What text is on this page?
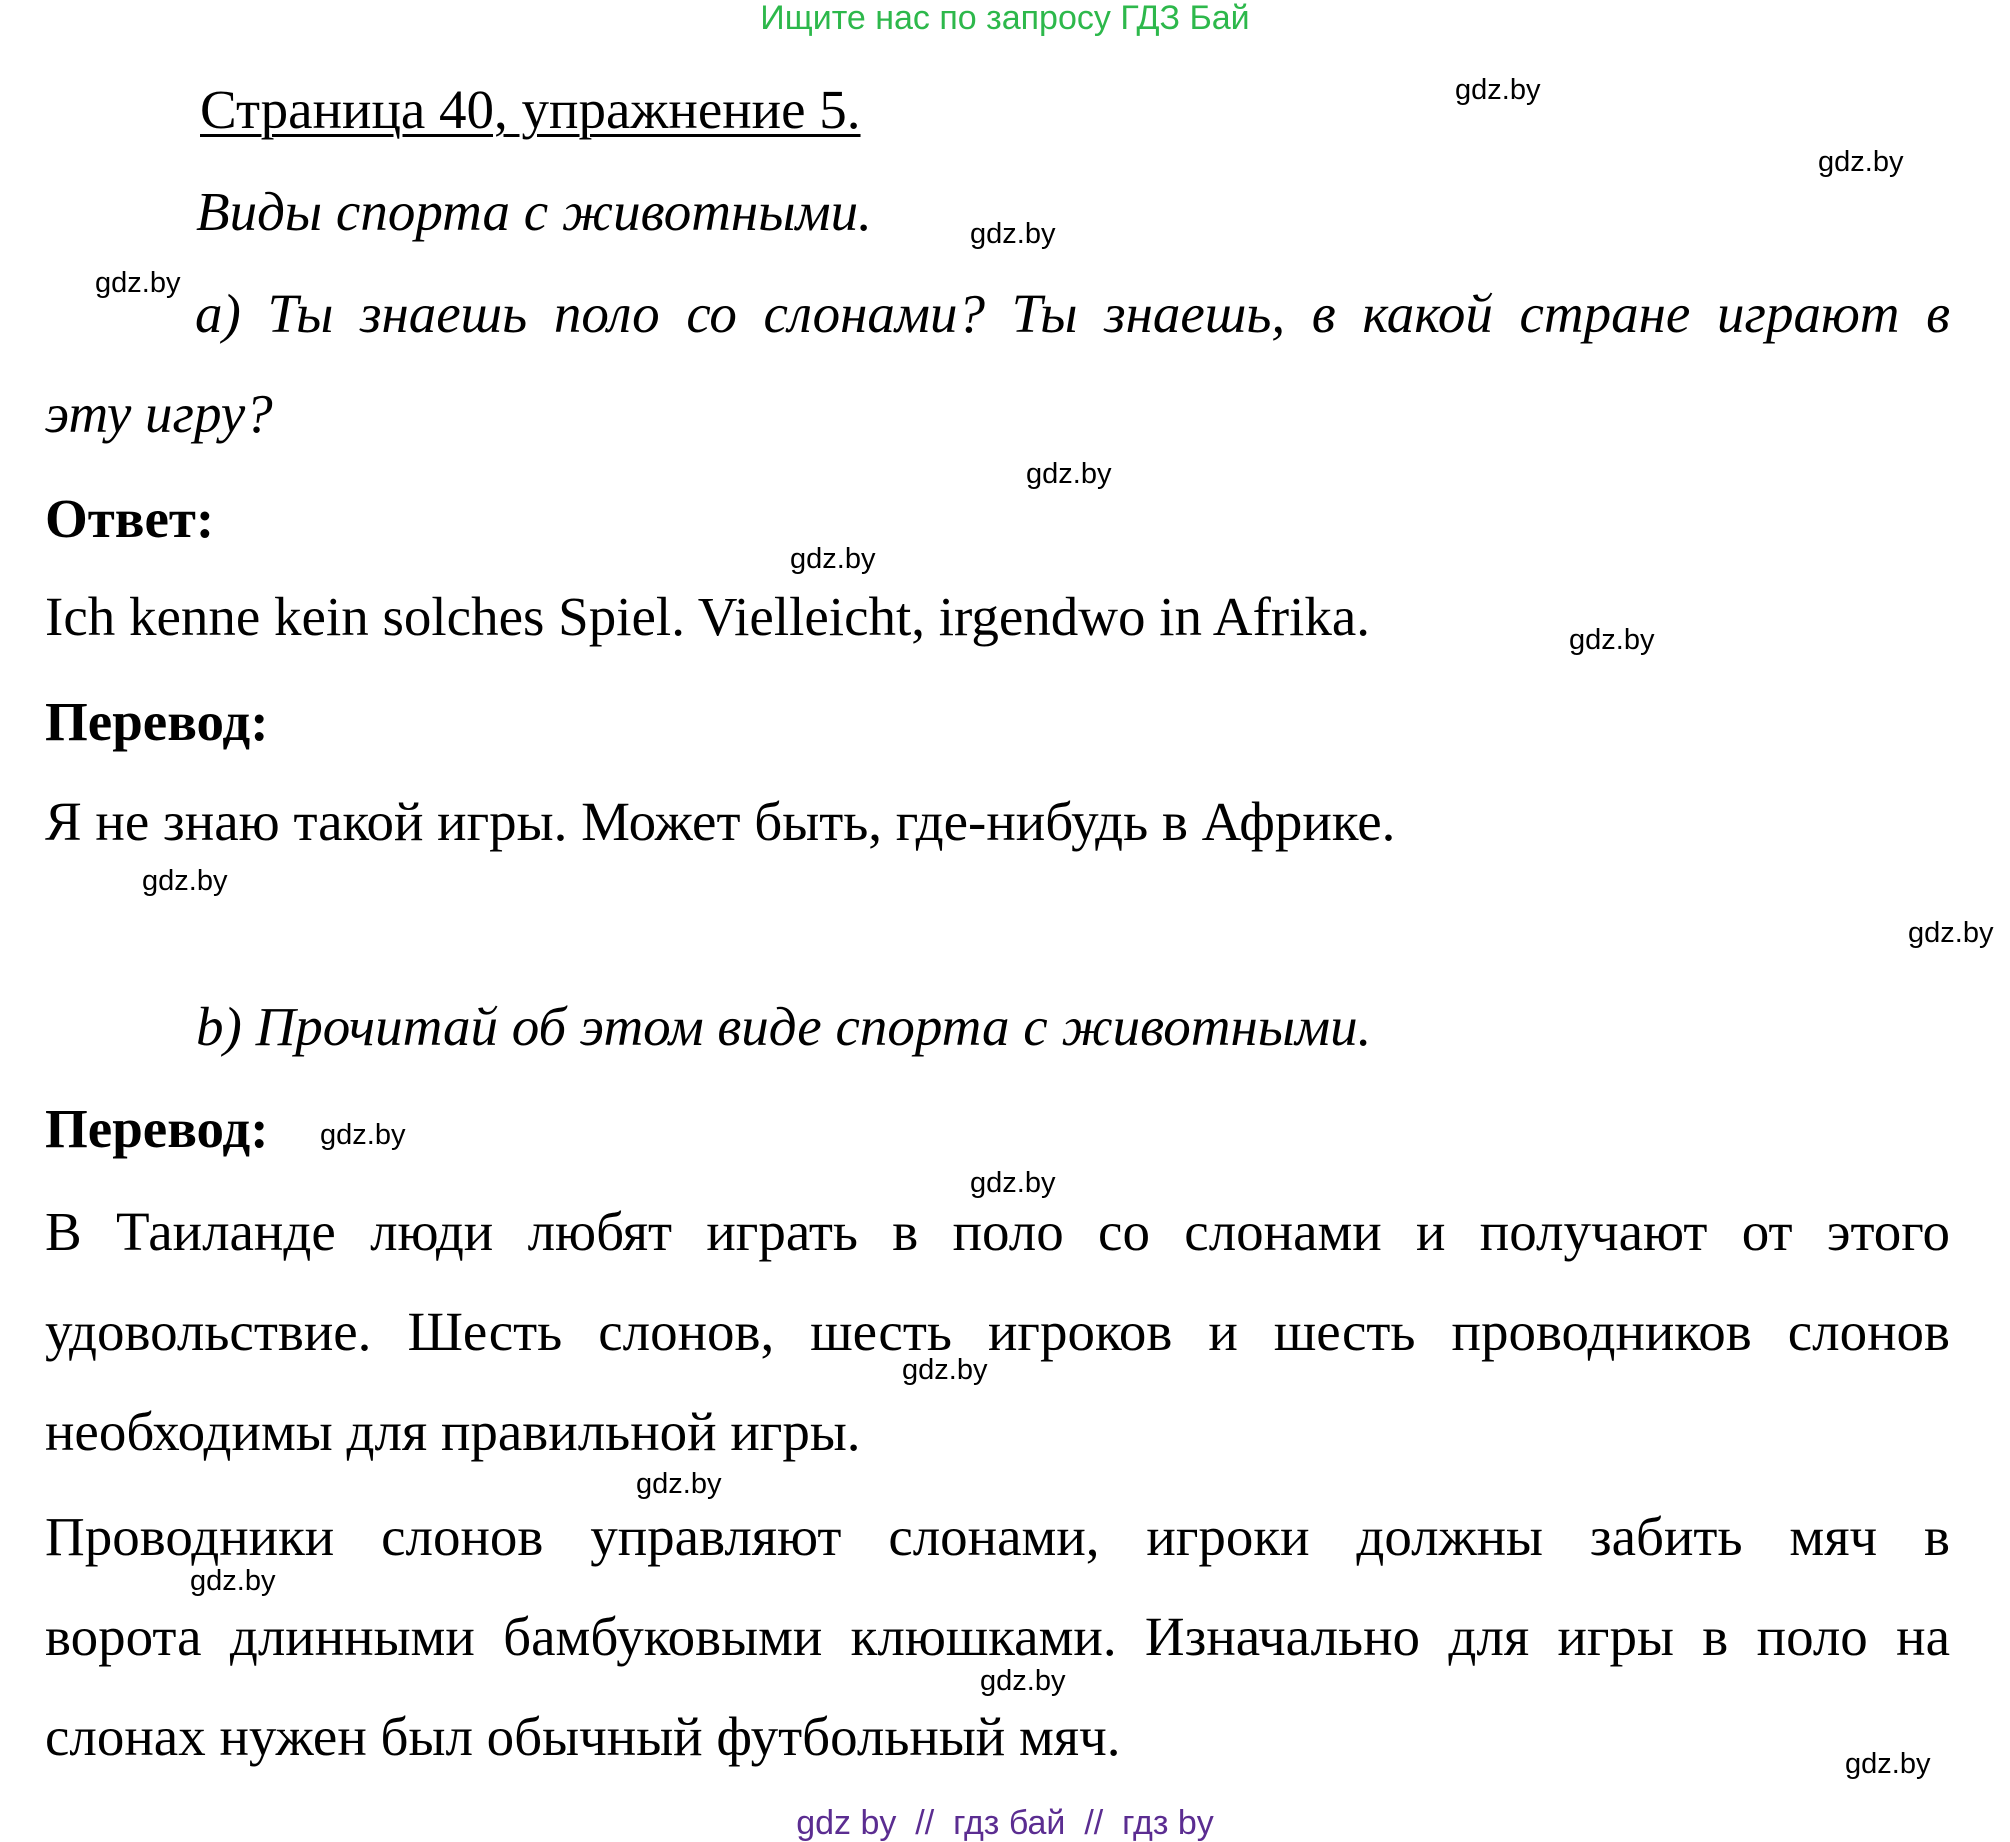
Ищите нас по запросу ГДЗ Бай
Страница 40, упражнение 5.
Виды спорта с животными.

а) Ты знаешь поло со слонами? Ты знаешь, в какой стране играют в

эту игру?
Ответ:
Ich kenne kein solches Spiel. Vielleicht, irgendwo in Afrika.
Перевод:
Я не знаю такой игры. Может быть, где-нибудь в Африке.
b) Прочитай об этом виде спорта с животными.
Перевод:

В Таиланде люди любят играть в поло со слонами и получают от этого

удовольствие. Шесть слонов, шесть игроков и шесть проводников слонов

необходимы для правильной игры.

Проводники слонов управляют слонами, игроки должны забить мяч в

ворота длинными бамбуковыми клюшками. Изначально для игры в поло на

слонах нужен был обычный футбольный мяч.
gdz.by
gdz.by
gdz.by
gdz.by
gdz.by
gdz.by
gdz.by
gdz.by
gdz.by
gdz.by
gdz.by
gdz.by
gdz.by
gdz.by
gdz.by
gdz.by
gdz by  //  гдз бай  //  гдз by
